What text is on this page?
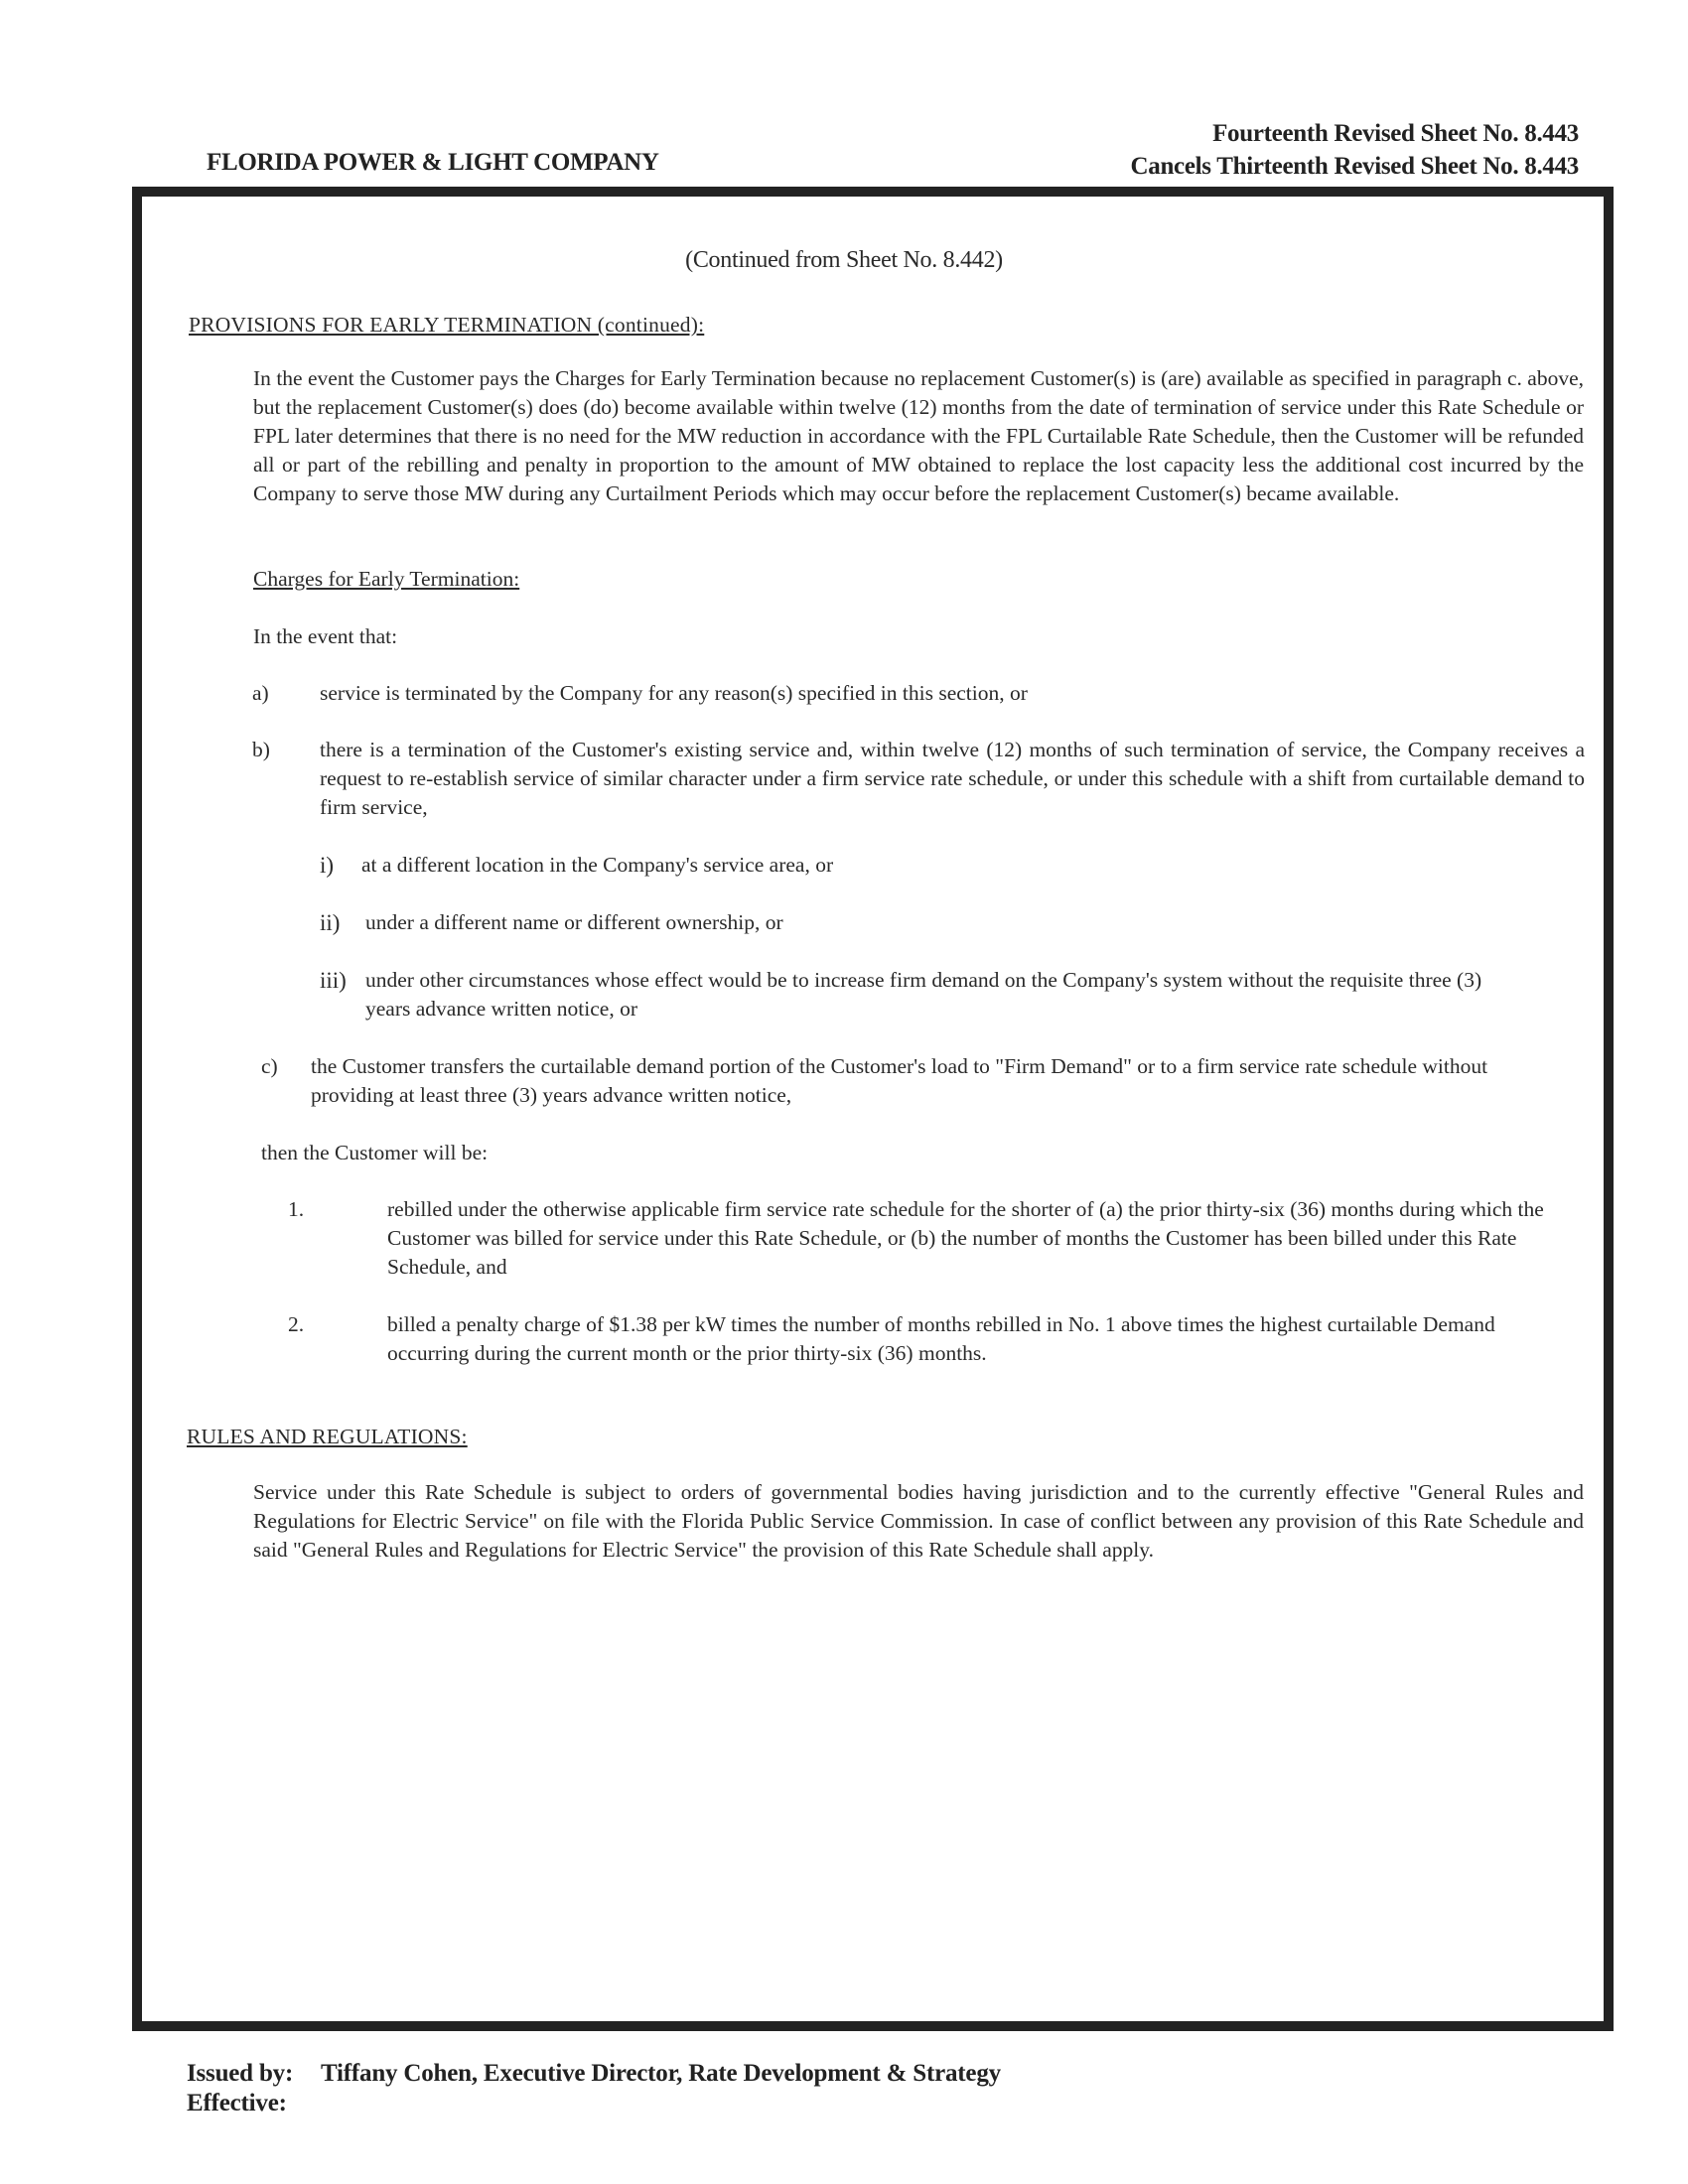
FLORIDA POWER & LIGHT COMPANY
Fourteenth Revised Sheet No. 8.443
Cancels Thirteenth Revised Sheet No. 8.443
(Continued from Sheet No. 8.442)
PROVISIONS FOR EARLY TERMINATION (continued):
In the event the Customer pays the Charges for Early Termination because no replacement Customer(s) is (are) available as specified in paragraph c. above, but the replacement Customer(s) does (do) become available within twelve (12) months from the date of termination of service under this Rate Schedule or FPL later determines that there is no need for the MW reduction in accordance with the FPL Curtailable Rate Schedule, then the Customer will be refunded all or part of the rebilling and penalty in proportion to the amount of MW obtained to replace the lost capacity less the additional cost incurred by the Company to serve those MW during any Curtailment Periods which may occur before the replacement Customer(s) became available.
Charges for Early Termination:
In the event that:
a) service is terminated by the Company for any reason(s) specified in this section, or
b) there is a termination of the Customer's existing service and, within twelve (12) months of such termination of service, the Company receives a request to re-establish service of similar character under a firm service rate schedule, or under this schedule with a shift from curtailable demand to firm service,
i) at a different location in the Company's service area, or
ii) under a different name or different ownership, or
iii) under other circumstances whose effect would be to increase firm demand on the Company's system without the requisite three (3) years advance written notice, or
c) the Customer transfers the curtailable demand portion of the Customer's load to "Firm Demand" or to a firm service rate schedule without providing at least three (3) years advance written notice,
then the Customer will be:
1.	rebilled under the otherwise applicable firm service rate schedule for the shorter of (a) the prior thirty-six (36) months during which the Customer was billed for service under this Rate Schedule, or (b) the number of months the Customer has been billed under this Rate Schedule, and
2.	billed a penalty charge of $1.38 per kW times the number of months rebilled in No. 1 above times the highest curtailable Demand occurring during the current month or the prior thirty-six (36) months.
RULES AND REGULATIONS:
Service under this Rate Schedule is subject to orders of governmental bodies having jurisdiction and to the currently effective "General Rules and Regulations for Electric Service" on file with the Florida Public Service Commission. In case of conflict between any provision of this Rate Schedule and said "General Rules and Regulations for Electric Service" the provision of this Rate Schedule shall apply.
Issued by: Tiffany Cohen, Executive Director, Rate Development & Strategy
Effective:
